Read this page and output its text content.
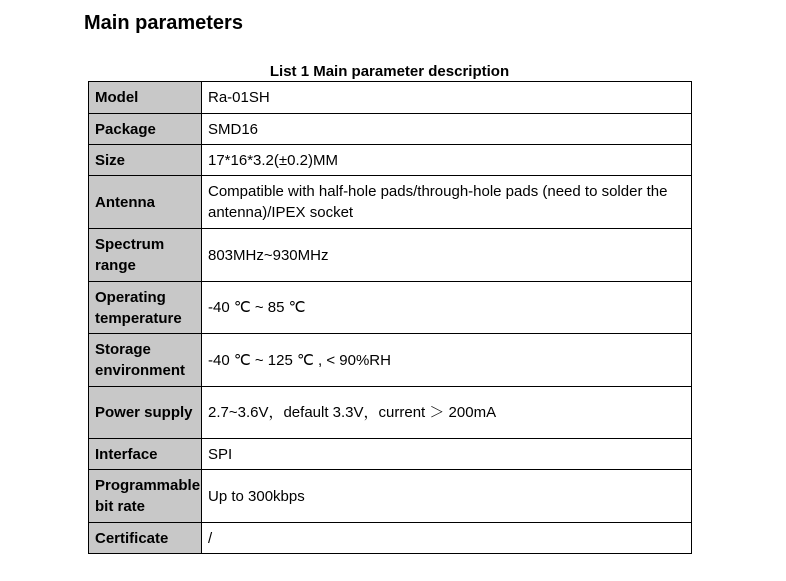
Main parameters
List 1 Main parameter description
Model	Ra-01SH
Package	SMD16
Size	17*16*3.2(±0.2)MM
Antenna	Compatible with half-hole pads/through-hole pads (need to solder the antenna)/IPEX socket
Spectrum range	803MHz~930MHz
Operating temperature	-40 ℃ ~ 85 ℃
Storage environment	-40 ℃ ~ 125 ℃ , < 90%RH
Power supply	2.7~3.6V，default 3.3V，current ＞ 200mA
Interface	SPI
Programmable bit rate	Up to 300kbps
Certificate	/
